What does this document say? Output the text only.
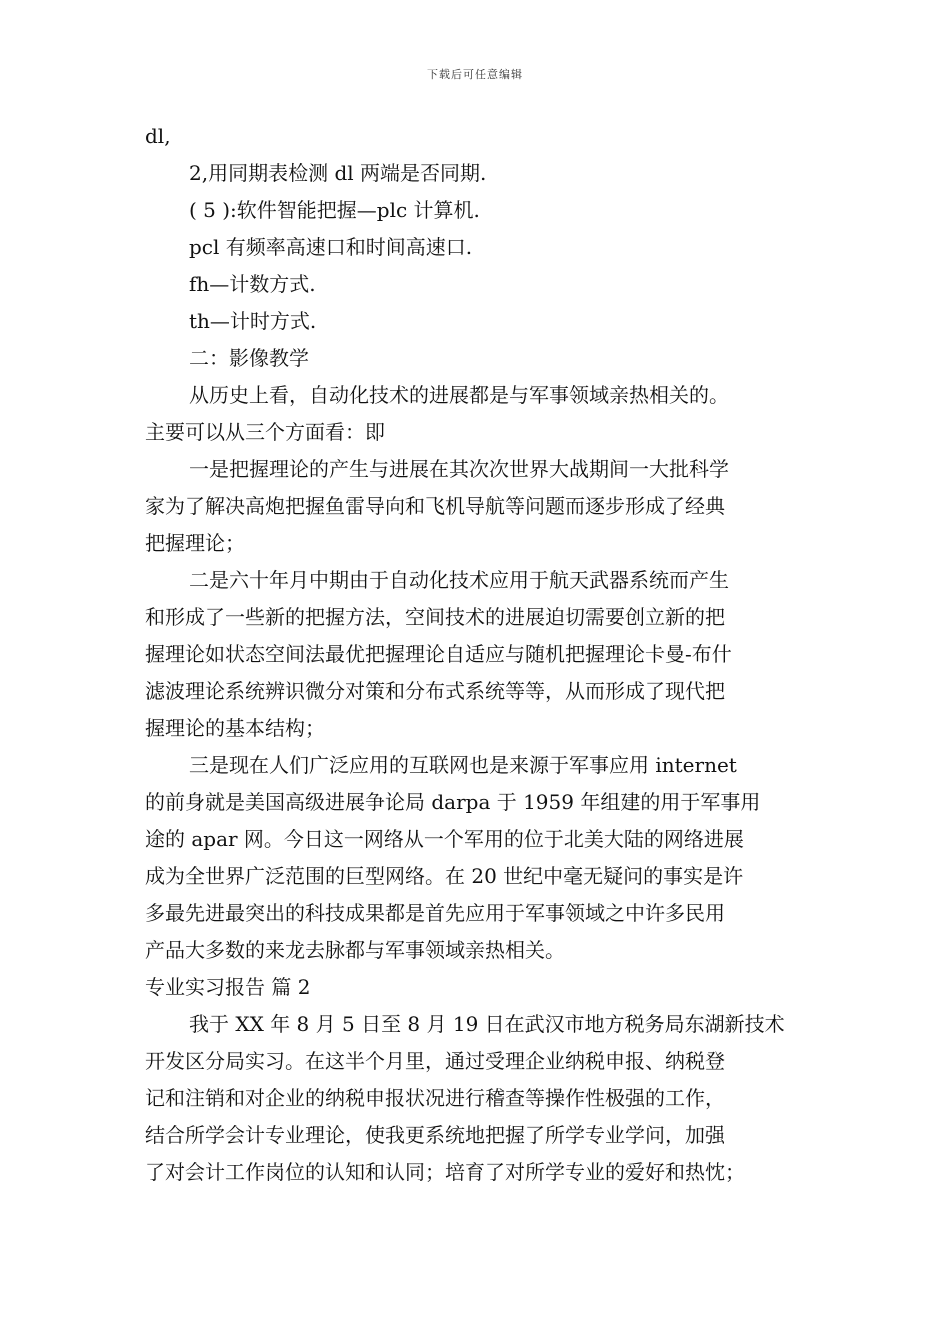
下载后可任意编辑
dl,
2,用同期表检测 dl 两端是否同期.
( 5 ):软件智能把握—plc 计算机.
pcl 有频率高速口和时间高速口.
fh—计数方式.
th—计时方式.
二：影像教学
从历史上看，自动化技术的进展都是与军事领域亲热相关的。
主要可以从三个方面看：即
一是把握理论的产生与进展在其次次世界大战期间一大批科学
家为了解决高炮把握鱼雷导向和飞机导航等问题而逐步形成了经典
把握理论；
二是六十年月中期由于自动化技术应用于航天武器系统而产生
和形成了一些新的把握方法，空间技术的进展迫切需要创立新的把
握理论如状态空间法最优把握理论自适应与随机把握理论卡曼-布什
滤波理论系统辨识微分对策和分布式系统等等，从而形成了现代把
握理论的基本结构；
三是现在人们广泛应用的互联网也是来源于军事应用 internet
的前身就是美国高级进展争论局 darpa 于 1959 年组建的用于军事用
途的 apar 网。今日这一网络从一个军用的位于北美大陆的网络进展
成为全世界广泛范围的巨型网络。在 20 世纪中毫无疑问的事实是许
多最先进最突出的科技成果都是首先应用于军事领域之中许多民用
产品大多数的来龙去脉都与军事领域亲热相关。
专业实习报告 篇 2
我于 XX 年 8 月 5 日至 8 月 19 日在武汉市地方税务局东湖新技术
开发区分局实习。在这半个月里，通过受理企业纳税申报、纳税登
记和注销和对企业的纳税申报状况进行稽查等操作性极强的工作，
结合所学会计专业理论，使我更系统地把握了所学专业学问，加强
了对会计工作岗位的认知和认同；培育了对所学专业的爱好和热忱；
